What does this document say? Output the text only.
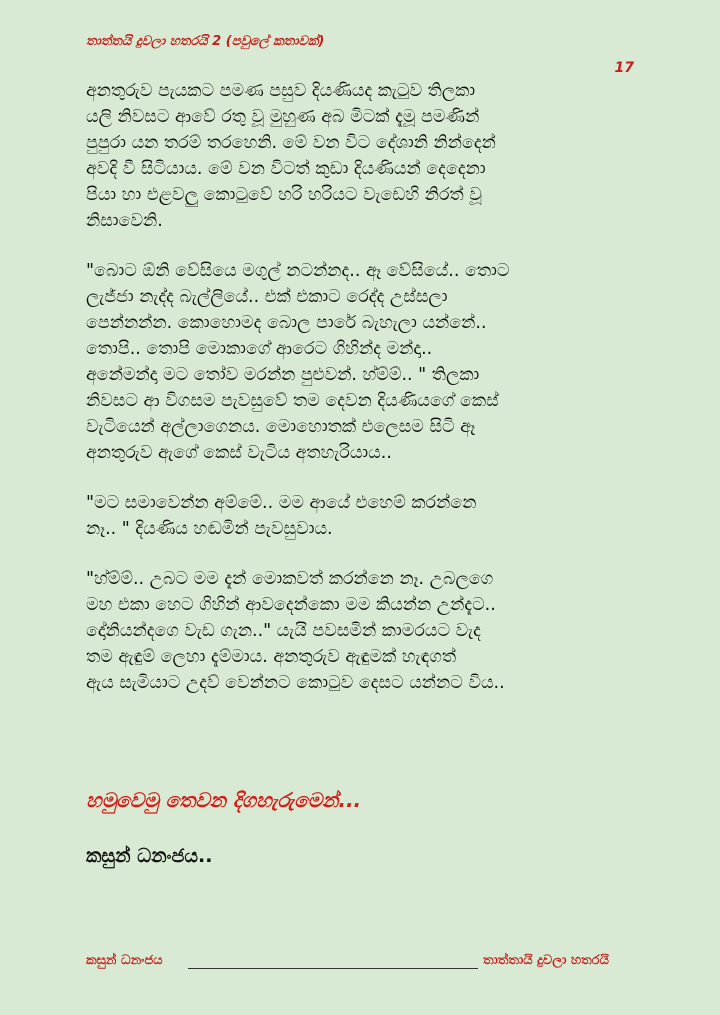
තාත්තයි දුවලා හතරයි 2 (පවුලේ කතාවක්)
17

අනතුරුව පැයකට පමණ පසුව දියණියද කැටුව තිලකා
යලි නිවසට ආවේ රතු වූ මුහුණ අබ මිටක් දැමූ පමණින්
පුපුරා යන තරම් තරහෙනි. මේ වන විට දේශානි නින්දෙන්
අවදි වී සිටියාය. මේ වන විටත් කුඩා දියණියන් දෙදෙනා
පියා හා එළවලු කොටුවේ හරි හරියට වැඩෙහි නිරත් වූ
නිසාවෙනි.

"බොට ඕනි වේසියෙ මගුල් නටන්නද.. ඈ වේසියේ.. තොට
ලැජ්ජා නැද්ද බැල්ලියේ.. එක් එකාට රෙද්ද උස්සලා
පෙන්නන්න. කොහොමද බොල පාරේ බැහැලා යන්නේ..
තොපි.. තොපි මොකාගේ ආරෙට ගිහින්ද මන්දා..
අනේමන්දා මට තෝව මරන්න පුළුවන්. හ්ම්ම්.. " තිලකා
නිවසට ආ විගසම පැවසුවේ තම දෙවන දියණියගේ කෙස්
වැටියෙන් අල්ලාගෙනය. මොහොතක් එලෙසම සිටි ඈ
අනතුරුව ඇගේ කෙස් වැටිය අතහැරියාය..

"මට සමාවෙන්න අම්මේ.. මම ආයේ එහෙම් කරන්නෙ
නෑ.. " දියණිය හඬමින් පැවසුවාය.

"හ්ම්ම්.. උබට මම දැන් මොකවත් කරන්නෙ නෑ. උබලගෙ
මහ එකා හෙට ගිහින් ආවදෙන්කො මම කියන්න උන්දැට..
දෝනියන්දගෙ වැඩ ගැන.." යැයි පවසමින් කාමරයට වැද
තම ඇඳුම් ලෙහා දැම්මාය. අනතුරුව ඇඳුමක් හැඳගත්
ඇය සැමියාට උදව් වෙන්නට කොටුව දෙසට යන්නට විය..

හමුවෙමු තෙවන දිගහැරුමෙන්...
කසුන් ධනංජය..
කසුන් ධනංජය	තාත්තායි දුවලා හතරයි
